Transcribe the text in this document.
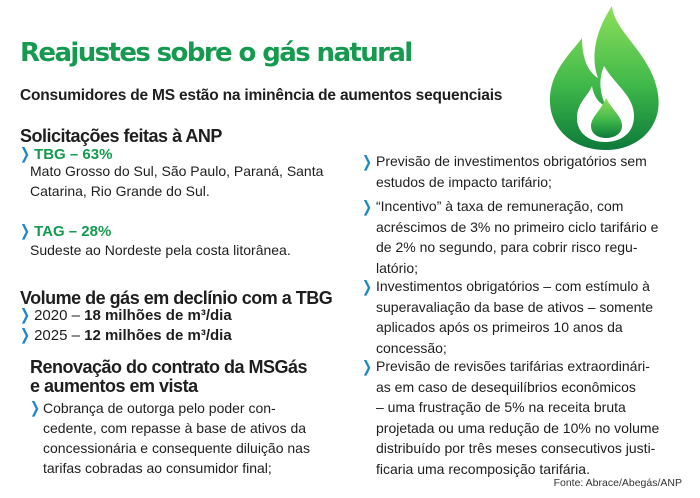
Reajustes sobre o gás natural

Consumidores de MS estão na iminência de aumentos sequenciais

Solicitações feitas à ANP
❯ TBG – 63%
Mato Grosso do Sul, São Paulo, Paraná, Santa
Catarina, Rio Grande do Sul.
❯ TAG – 28%
Sudeste ao Nordeste pela costa litorânea.
Volume de gás em declínio com a TBG
❯ 2020 – 18 milhões de m³/dia
❯ 2025 – 12 milhões de m³/dia
Renovação do contrato da MSGás
e aumentos em vista
❯ Cobrança de outorga pelo poder con-
cedente, com repasse à base de ativos da
concessionária e consequente diluição nas
tarifas cobradas ao consumidor final;
❯ Previsão de investimentos obrigatórios sem
estudos de impacto tarifário;
❯ “Incentivo” à taxa de remuneração, com
acréscimos de 3% no primeiro ciclo tarifário e
de 2% no segundo, para cobrir risco regu-
latório;
❯ Investimentos obrigatórios – com estímulo à
superavaliação da base de ativos – somente
aplicados após os primeiros 10 anos da
concessão;
❯ Previsão de revisões tarifárias extraordinári-
as em caso de desequilíbrios econômicos
– uma frustração de 5% na receita bruta
projetada ou uma redução de 10% no volume
distribuído por três meses consecutivos justi-
ficaria uma recomposição tarifária.
Fonte: Abrace/Abegás/ANP
